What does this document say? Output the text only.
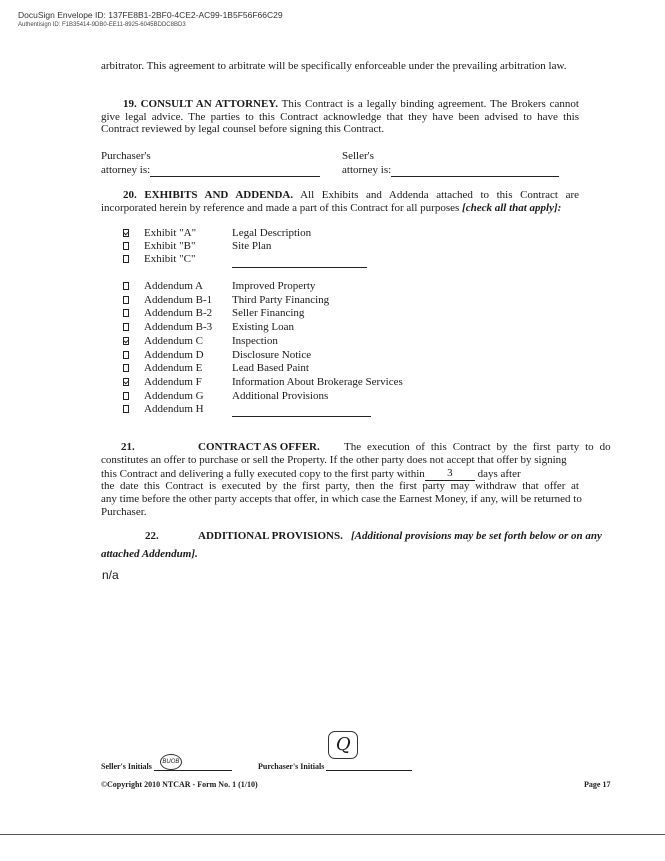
DocuSign Envelope ID: 137FE8B1-2BF0-4CE2-AC99-1B5F56F66C29
Authentisign ID: F1B35414-9DB0-EE11-8925-6045BDDC8BD3
arbitrator. This agreement to arbitrate will be specifically enforceable under the prevailing arbitration law.
19. CONSULT AN ATTORNEY. This Contract is a legally binding agreement. The Brokers cannot give legal advice. The parties to this Contract acknowledge that they have been advised to have this Contract reviewed by legal counsel before signing this Contract.
Purchaser's
attorney is:
Seller's
attorney is:
20. EXHIBITS AND ADDENDA. All Exhibits and Addenda attached to this Contract are incorporated herein by reference and made a part of this Contract for all purposes [check all that apply]:
Exhibit "A"	Legal Description
Exhibit "B"	Site Plan
Exhibit "C"
Addendum A	Improved Property
Addendum B-1 Third Party Financing
Addendum B-2 Seller Financing
Addendum B-3 Existing Loan
Addendum C	Inspection
Addendum D	Disclosure Notice
Addendum E	Lead Based Paint
Addendum F	Information About Brokerage Services
Addendum G	Additional Provisions
Addendum H
21.	CONTRACT AS OFFER. The execution of this Contract by the first party to do
constitutes an offer to purchase or sell the Property. If the other party does not accept that offer by signing
this Contract and delivering a fully executed copy to the first party within 3 days after
the date this Contract is executed by the first party, then the first party may withdraw that offer at
any time before the other party accepts that offer, in which case the Earnest Money, if any, will be returned to
Purchaser.
22.	ADDITIONAL PROVISIONS. [Additional provisions may be set forth below or on any
attached Addendum].
n/a
Seller's Initials	BUOB	Purchaser's Initials
Q
©Copyright 2010 NTCAR - Form No. 1 (1/10)	Page 17
